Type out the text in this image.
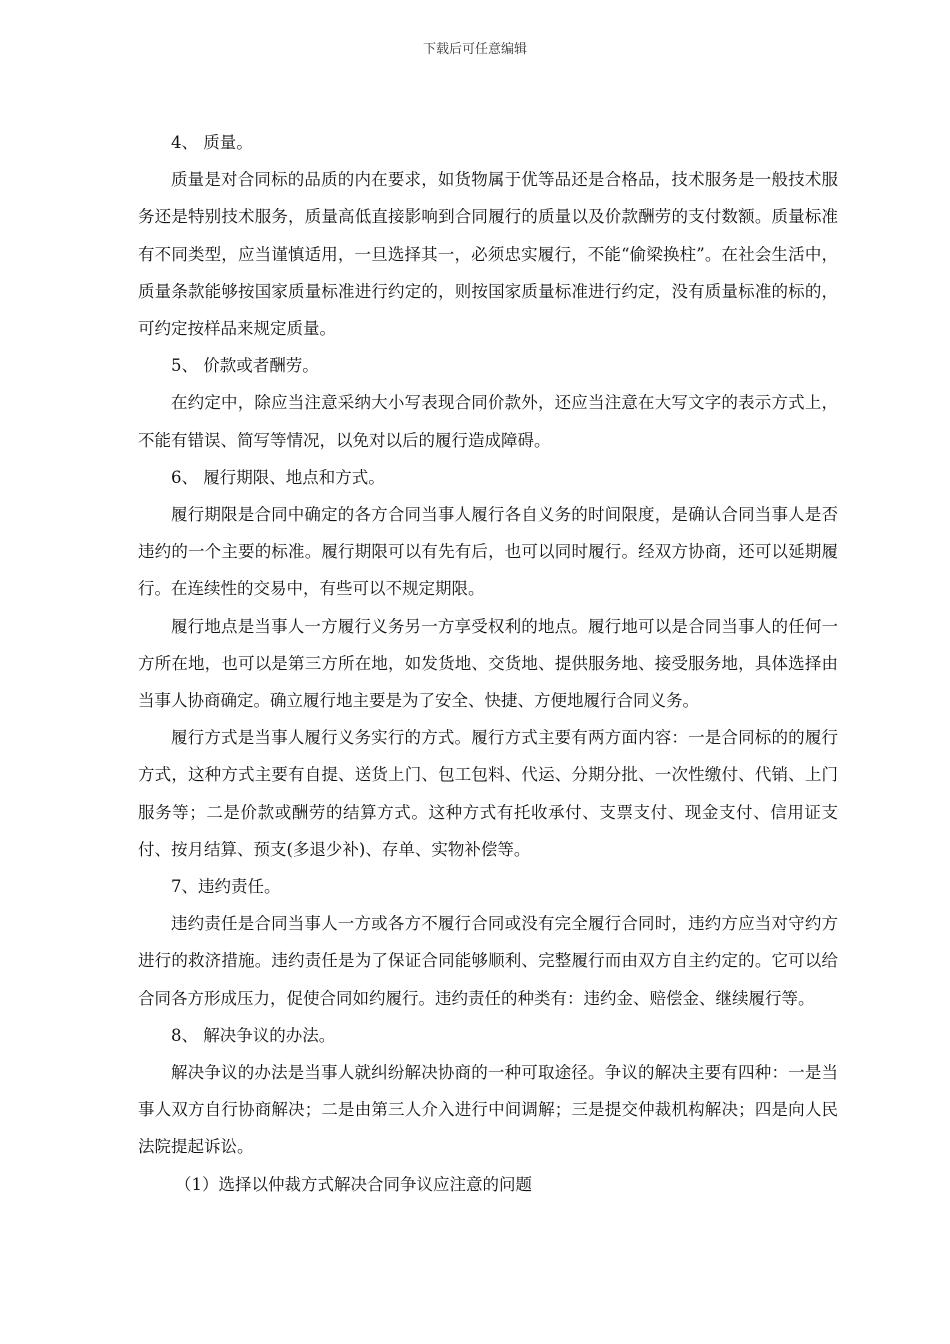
下载后可任意编辑

4、 质量。

质量是对合同标的品质的内在要求，如货物属于优等品还是合格品，技术服务是一般技术服务还是特别技术服务，质量高低直接影响到合同履行的质量以及价款酬劳的支付数额。质量标准有不同类型，应当谨慎适用，一旦选择其一，必须忠实履行，不能“偷梁换柱”。在社会生活中，质量条款能够按国家质量标准进行约定的，则按国家质量标准进行约定，没有质量标准的标的，可约定按样品来规定质量。

5、 价款或者酬劳。

在约定中，除应当注意采纳大小写表现合同价款外，还应当注意在大写文字的表示方式上，不能有错误、简写等情况，以免对以后的履行造成障碍。

6、 履行期限、地点和方式。

履行期限是合同中确定的各方合同当事人履行各自义务的时间限度，是确认合同当事人是否违约的一个主要的标准。履行期限可以有先有后，也可以同时履行。经双方协商，还可以延期履行。在连续性的交易中，有些可以不规定期限。

履行地点是当事人一方履行义务另一方享受权利的地点。履行地可以是合同当事人的任何一方所在地，也可以是第三方所在地，如发货地、交货地、提供服务地、接受服务地，具体选择由当事人协商确定。确立履行地主要是为了安全、快捷、方便地履行合同义务。

履行方式是当事人履行义务实行的方式。履行方式主要有两方面内容：一是合同标的的履行方式，这种方式主要有自提、送货上门、包工包料、代运、分期分批、一次性缴付、代销、上门服务等；二是价款或酬劳的结算方式。这种方式有托收承付、支票支付、现金支付、信用证支付、按月结算、预支(多退少补)、存单、实物补偿等。

7、违约责任。

违约责任是合同当事人一方或各方不履行合同或没有完全履行合同时，违约方应当对守约方进行的救济措施。违约责任是为了保证合同能够顺利、完整履行而由双方自主约定的。它可以给合同各方形成压力，促使合同如约履行。违约责任的种类有：违约金、赔偿金、继续履行等。

8、 解决争议的办法。

解决争议的办法是当事人就纠纷解决协商的一种可取途径。争议的解决主要有四种：一是当事人双方自行协商解决；二是由第三人介入进行中间调解；三是提交仲裁机构解决；四是向人民法院提起诉讼。

（1）选择以仲裁方式解决合同争议应注意的问题
